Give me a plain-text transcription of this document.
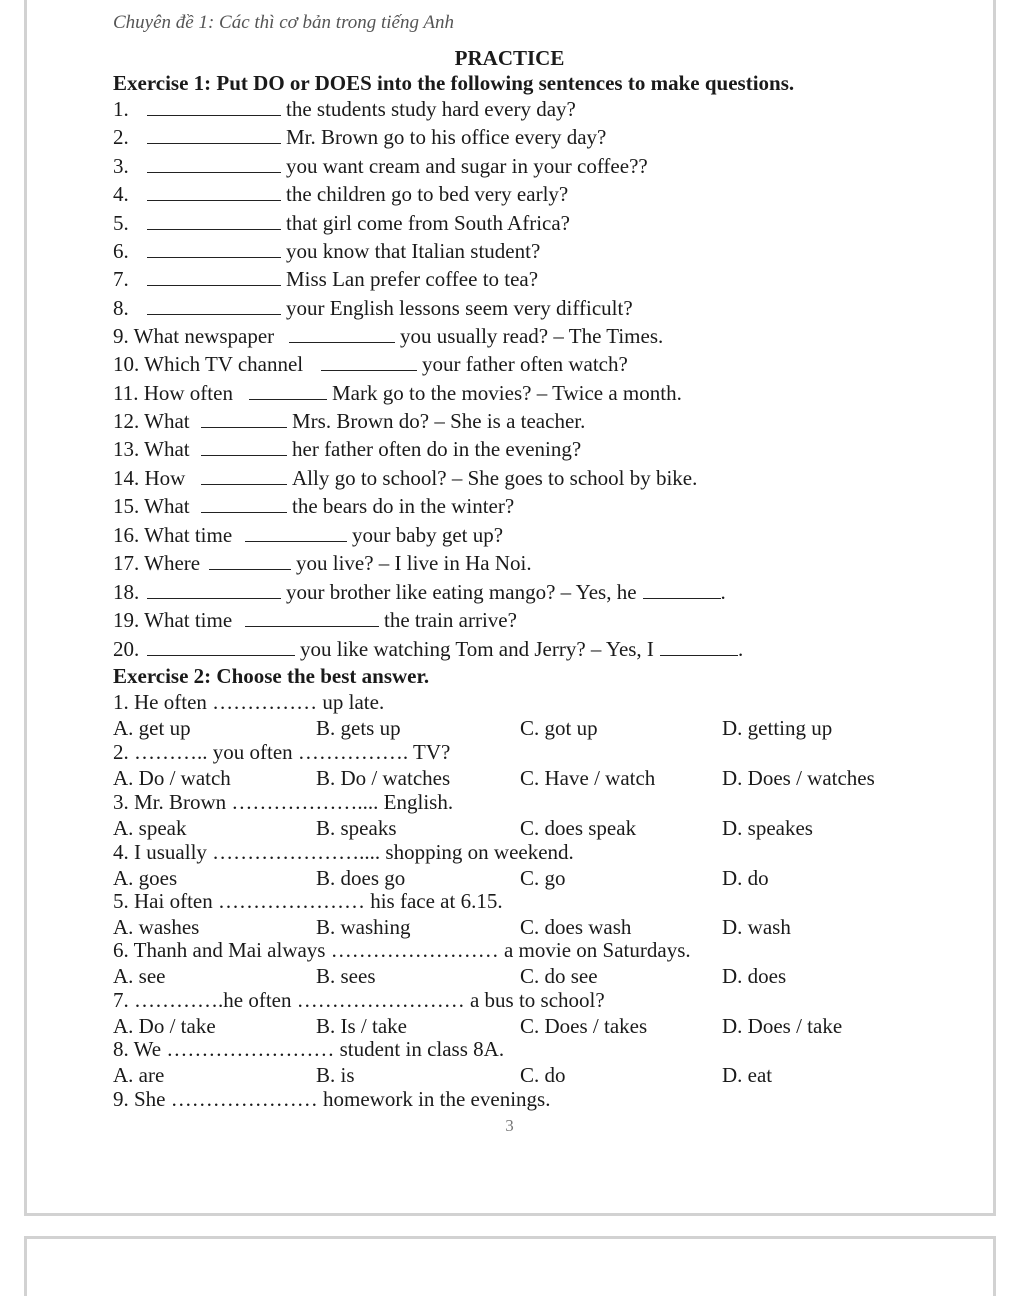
Chuyên đề 1: Các thì cơ bản trong tiếng Anh
PRACTICE
Exercise 1: Put DO or DOES into the following sentences to make questions.
1.	the students study hard every day?
2.	Mr. Brown go to his office every day?
3.	you want cream and sugar in your coffee??
4.	the children go to bed very early?
5.	that girl come from South Africa?
6.	you know that Italian student?
7.	Miss Lan prefer coffee to tea?
8.	your English lessons seem very difficult?
9. What newspaper	you usually read? – The Times.
10. Which TV channel	your father often watch?
11. How often	Mark go to the movies? – Twice a month.
12. What	Mrs. Brown do? – She is a teacher.
13. What	her father often do in the evening?
14. How	Ally go to school? – She goes to school by bike.
15. What	the bears do in the winter?
16. What time	your baby get up?
17. Where	you live? – I live in Ha Noi.
18.	your brother like eating mango? – Yes, he	.
19. What time	the train arrive?
20.	you like watching Tom and Jerry? – Yes, I	.
Exercise 2: Choose the best answer.
1. He often …………… up late.
A. get up	B. gets up	C. got up	D. getting up
2. ……….. you often ……………. TV?
A. Do / watch	B. Do / watches	C. Have / watch	D. Does / watches
3. Mr. Brown ……………….... English.
A. speak	B. speaks	C. does speak	D. speakes
4. I usually ………………….... shopping on weekend.
A. goes	B. does go	C. go	D. do
5. Hai often ………………… his face at 6.15.
A. washes	B. washing	C. does wash	D. wash
6. Thanh and Mai always …………………… a movie on Saturdays.
A. see	B. sees	C. do see	D. does
7. ………….he often …………………… a bus to school?
A. Do / take	B. Is / take	C. Does / takes	D. Does / take
8. We …………………… student in class 8A.
A. are	B. is	C. do	D. eat
9. She ………………… homework in the evenings.
3
